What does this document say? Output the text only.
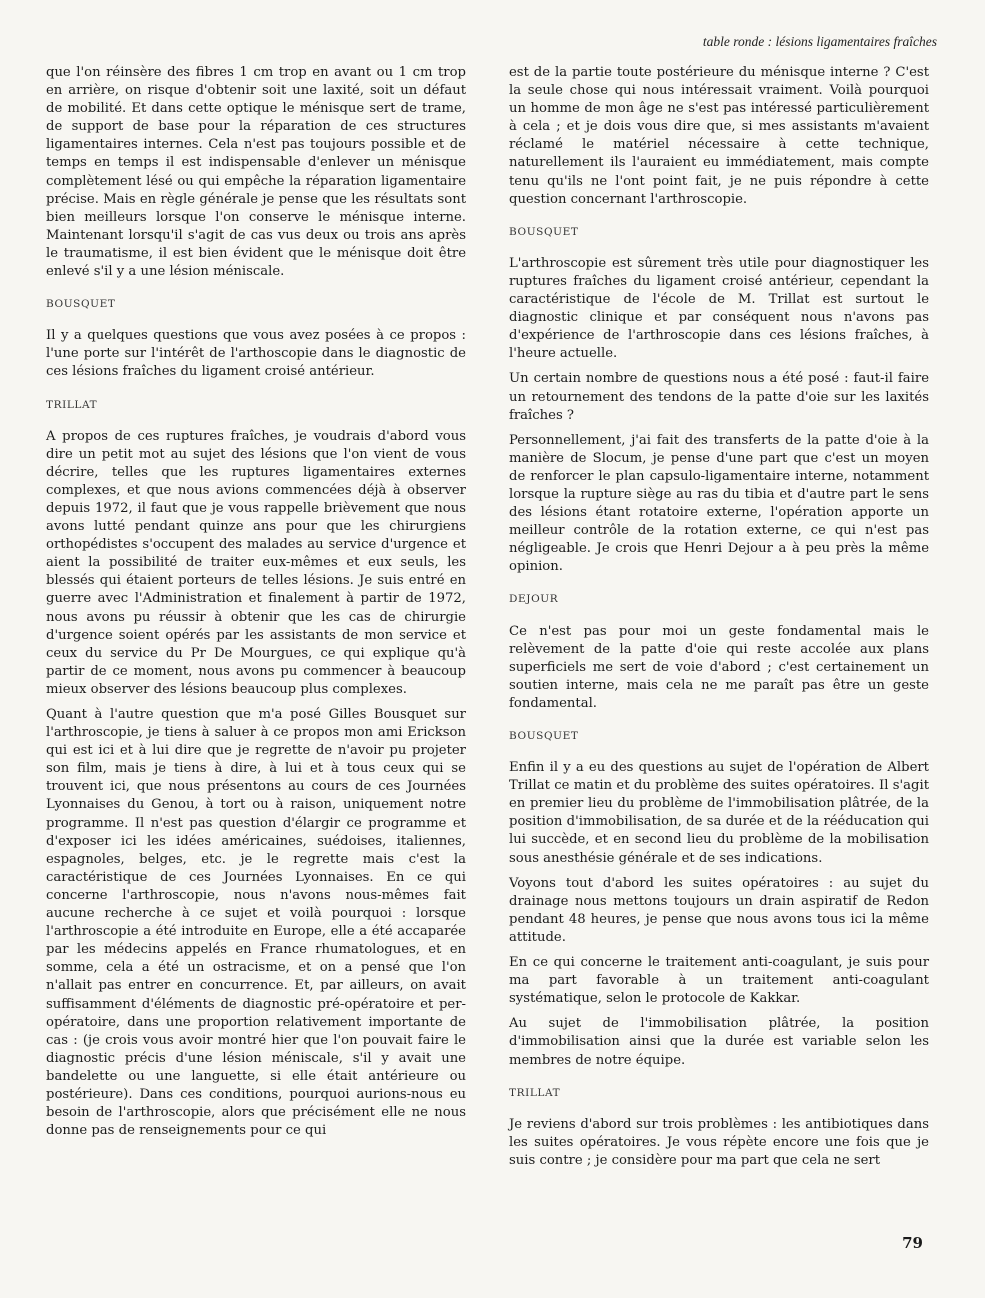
table ronde : lésions ligamentaires fraîches

que l'on réinsère des fibres 1 cm trop en avant ou 1 cm trop en arrière, on risque d'obtenir soit une laxité, soit un défaut de mobilité. Et dans cette optique le ménisque sert de trame, de support de base pour la réparation de ces structures ligamentaires internes. Cela n'est pas toujours possible et de temps en temps il est indispensable d'enlever un ménisque complètement lésé ou qui empêche la réparation ligamentaire précise. Mais en règle générale je pense que les résultats sont bien meilleurs lorsque l'on conserve le ménisque interne. Maintenant lorsqu'il s'agit de cas vus deux ou trois ans après le traumatisme, il est bien évident que le ménisque doit être enlevé s'il y a une lésion méniscale.

BOUSQUET

Il y a quelques questions que vous avez posées à ce propos : l'une porte sur l'intérêt de l'arthoscopie dans le diagnostic de ces lésions fraîches du ligament croisé antérieur.

TRILLAT

A propos de ces ruptures fraîches, je voudrais d'abord vous dire un petit mot au sujet des lésions que l'on vient de vous décrire, telles que les ruptures ligamentaires externes complexes, et que nous avions commencées déjà à observer depuis 1972, il faut que je vous rappelle brièvement que nous avons lutté pendant quinze ans pour que les chirurgiens orthopédistes s'occupent des malades au service d'urgence et aient la possibilité de traiter eux-mêmes et eux seuls, les blessés qui étaient porteurs de telles lésions. Je suis entré en guerre avec l'Administration et finalement à partir de 1972, nous avons pu réussir à obtenir que les cas de chirurgie d'urgence soient opérés par les assistants de mon service et ceux du service du Pr De Mourgues, ce qui explique qu'à partir de ce moment, nous avons pu commencer à beaucoup mieux observer des lésions beaucoup plus complexes.

Quant à l'autre question que m'a posé Gilles Bousquet sur l'arthroscopie, je tiens à saluer à ce propos mon ami Erickson qui est ici et à lui dire que je regrette de n'avoir pu projeter son film, mais je tiens à dire, à lui et à tous ceux qui se trouvent ici, que nous présentons au cours de ces Journées Lyonnaises du Genou, à tort ou à raison, uniquement notre programme. Il n'est pas question d'élargir ce programme et d'exposer ici les idées américaines, suédoises, italiennes, espagnoles, belges, etc. je le regrette mais c'est la caractéristique de ces Journées Lyonnaises. En ce qui concerne l'arthroscopie, nous n'avons nous-mêmes fait aucune recherche à ce sujet et voilà pourquoi : lorsque l'arthroscopie a été introduite en Europe, elle a été accaparée par les médecins appelés en France rhumatologues, et en somme, cela a été un ostracisme, et on a pensé que l'on n'allait pas entrer en concurrence. Et, par ailleurs, on avait suffisamment d'éléments de diagnostic pré-opératoire et per-opératoire, dans une proportion relativement importante de cas : (je crois vous avoir montré hier que l'on pouvait faire le diagnostic précis d'une lésion méniscale, s'il y avait une bandelette ou une languette, si elle était antérieure ou postérieure). Dans ces conditions, pourquoi aurions-nous eu besoin de l'arthroscopie, alors que précisément elle ne nous donne pas de renseignements pour ce qui

est de la partie toute postérieure du ménisque interne ? C'est la seule chose qui nous intéressait vraiment. Voilà pourquoi un homme de mon âge ne s'est pas intéressé particulièrement à cela ; et je dois vous dire que, si mes assistants m'avaient réclamé le matériel nécessaire à cette technique, naturellement ils l'auraient eu immédiatement, mais compte tenu qu'ils ne l'ont point fait, je ne puis répondre à cette question concernant l'arthroscopie.

BOUSQUET

L'arthroscopie est sûrement très utile pour diagnostiquer les ruptures fraîches du ligament croisé antérieur, cependant la caractéristique de l'école de M. Trillat est surtout le diagnostic clinique et par conséquent nous n'avons pas d'expérience de l'arthroscopie dans ces lésions fraîches, à l'heure actuelle.

Un certain nombre de questions nous a été posé : faut-il faire un retournement des tendons de la patte d'oie sur les laxités fraîches ?

Personnellement, j'ai fait des transferts de la patte d'oie à la manière de Slocum, je pense d'une part que c'est un moyen de renforcer le plan capsulo-ligamentaire interne, notamment lorsque la rupture siège au ras du tibia et d'autre part le sens des lésions étant rotatoire externe, l'opération apporte un meilleur contrôle de la rotation externe, ce qui n'est pas négligeable. Je crois que Henri Dejour a à peu près la même opinion.

DEJOUR

Ce n'est pas pour moi un geste fondamental mais le relèvement de la patte d'oie qui reste accolée aux plans superficiels me sert de voie d'abord ; c'est certainement un soutien interne, mais cela ne me paraît pas être un geste fondamental.

BOUSQUET

Enfin il y a eu des questions au sujet de l'opération de Albert Trillat ce matin et du problème des suites opératoires. Il s'agit en premier lieu du problème de l'immobilisation plâtrée, de la position d'immobilisation, de sa durée et de la rééducation qui lui succède, et en second lieu du problème de la mobilisation sous anesthésie générale et de ses indications.

Voyons tout d'abord les suites opératoires : au sujet du drainage nous mettons toujours un drain aspiratif de Redon pendant 48 heures, je pense que nous avons tous ici la même attitude.

En ce qui concerne le traitement anti-coagulant, je suis pour ma part favorable à un traitement anti-coagulant systématique, selon le protocole de Kakkar.

Au sujet de l'immobilisation plâtrée, la position d'immobilisation ainsi que la durée est variable selon les membres de notre équipe.

TRILLAT

Je reviens d'abord sur trois problèmes : les antibiotiques dans les suites opératoires. Je vous répète encore une fois que je suis contre ; je considère pour ma part que cela ne sert

79
